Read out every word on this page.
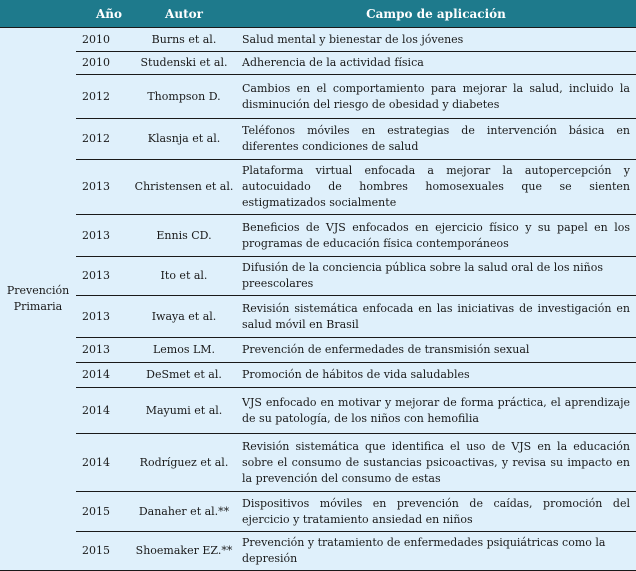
	Año	Autor	Campo de aplicación

Prevención
Primaria	2010	Burns et al.	Salud mental y bienestar de los jóvenes
	2010	Studenski et al.	Adherencia de la actividad física
	2012	Thompson D.	Cambios en el comportamiento para mejorar la salud, incluido la disminución del riesgo de obesidad y diabetes
	2012	Klasnja et al.	Teléfonos móviles en estrategias de intervención básica en diferentes condiciones de salud
	2013	Christensen et al.	Plataforma virtual enfocada a mejorar la autopercepción y autocuidado de hombres homosexuales que se sienten estigmatizados socialmente
	2013	Ennis CD.	Beneficios de VJS enfocados en ejercicio físico y su papel en los programas de educación física contemporáneos
	2013	Ito et al.	Difusión de la conciencia pública sobre la salud oral de los niños preescolares
	2013	Iwaya et al.	Revisión sistemática enfocada en las iniciativas de investigación en salud móvil en Brasil
	2013	Lemos LM.	Prevención de enfermedades de transmisión sexual
	2014	DeSmet et al.	Promoción de hábitos de vida saludables
	2014	Mayumi et al.	VJS enfocado en motivar y mejorar de forma práctica, el aprendizaje de su patología, de los niños con hemofilia
	2014	Rodríguez et al.	Revisión sistemática que identifica el uso de VJS en la educación sobre el consumo de sustancias psicoactivas, y revisa su impacto en la prevención del consumo de estas
	2015	Danaher et al.**	Dispositivos móviles en prevención de caídas, promoción del ejercicio y tratamiento ansiedad en niños
	2015	Shoemaker EZ.**	Prevención y tratamiento de enfermedades psiquiátricas como la depresión
